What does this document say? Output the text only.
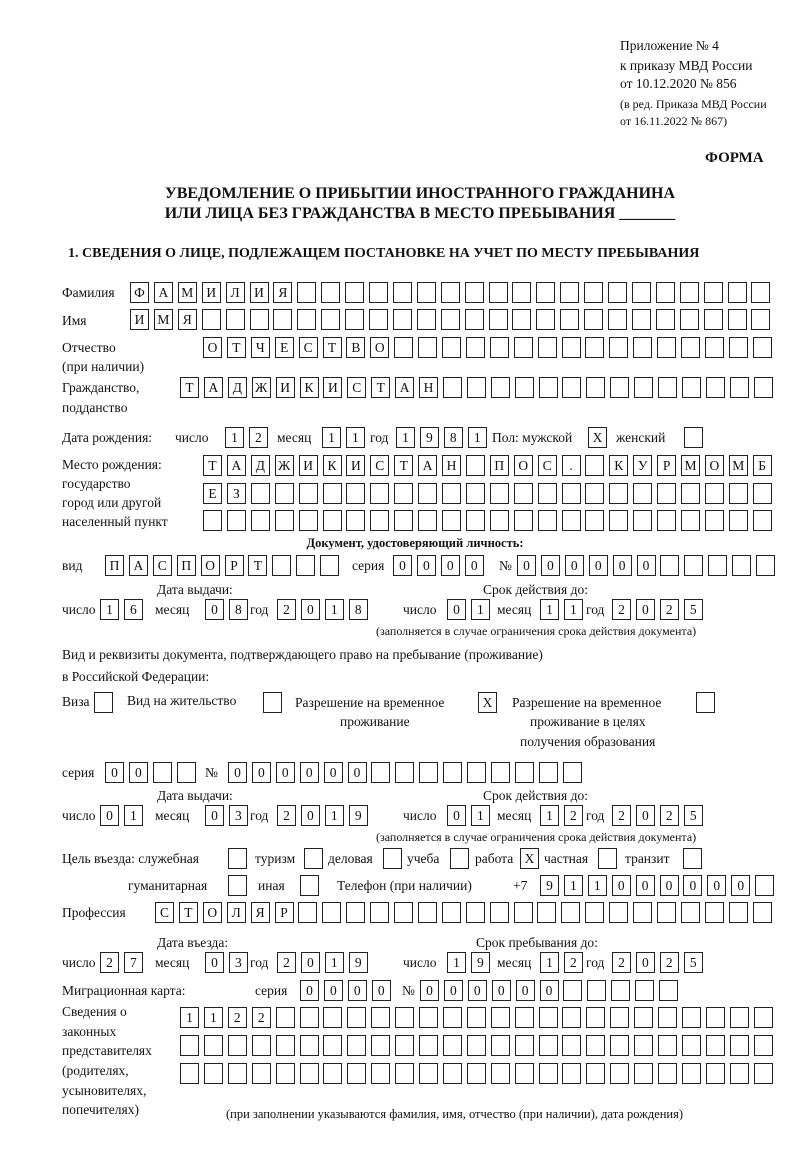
Приложение № 4
к приказу МВД России
от 10.12.2020 № 856
(в ред. Приказа МВД России
от 16.11.2022 № 867)
ФОРМА
УВЕДОМЛЕНИЕ О ПРИБЫТИИ ИНОСТРАННОГО ГРАЖДАНИНА
ИЛИ ЛИЦА БЕЗ ГРАЖДАНСТВА В МЕСТО ПРЕБЫВАНИЯ _______
1. СВЕДЕНИЯ О ЛИЦЕ, ПОДЛЕЖАЩЕМ ПОСТАНОВКЕ НА УЧЕТ ПО МЕСТУ ПРЕБЫВАНИЯ
Фамилия	Ф	А М И	Л	И	Я
Имя	И М Я
Отчество
(при наличии)
О	Т	Ч	Е	С	Т	В	О
Гражданство,
подданство
Т	А	Д Ж И	К	И	С	Т	А	Н
Дата рождения: число	1	2	месяц	1	1 год	1	9	8	1 Пол: мужской	X	женский
Место рождения:
государство
город или другой
населенный пункт
Т	А	Д Ж И	К	И	С	Т	А	Н	П	О	С	.	К	У	Р	М О М	Б
Е	З
Документ, удостоверяющий личность:
вид	П	А	С	П	О	Р	Т	серия	0	0	0	0	№ 0	0	0	0	0	0
Дата выдачи:	Срок действия до:
число 1	6	месяц	0	8 год	2	0	1	8	число	0	1 месяц	1	1 год	2	0	2	5
(заполняется в случае ограничения срока действия документа)
Вид и реквизиты документа, подтверждающего право на пребывание (проживание)
в Российской Федерации:
Виза	Вид на жительство	Разрешение на временное
проживание
X	Разрешение на временное
проживание в целях
получения образования
серия	0	0	№	0	0	0	0	0	0
Дата выдачи:	Срок действия до:
число 0	1	месяц	0	3 год	2	0	1	9	число	0	1 месяц	1	2 год	2	0	2	5
(заполняется в случае ограничения срока действия документа)
Цель въезда: служебная	туризм деловая	учеба	работа X частная	транзит
гуманитарная	иная	Телефон (при наличии)	+7	9	1	1	0	0	0	0	0	0
Профессия	С	Т	О	Л	Я	Р
Дата въезда:	Срок пребывания до:
число 2	7	месяц	0	3 год	2	0	1	9	число	1	9 месяц	1	2 год	2	0	2	5
Миграционная карта:	серия	0	0	0	0	№ 0	0	0	0	0	0
Сведения о
законных
представителях
(родителях,
усыновителях,
попечителях)
1	1	2	2
(при заполнении указываются фамилия, имя, отчество (при наличии), дата рождения)
